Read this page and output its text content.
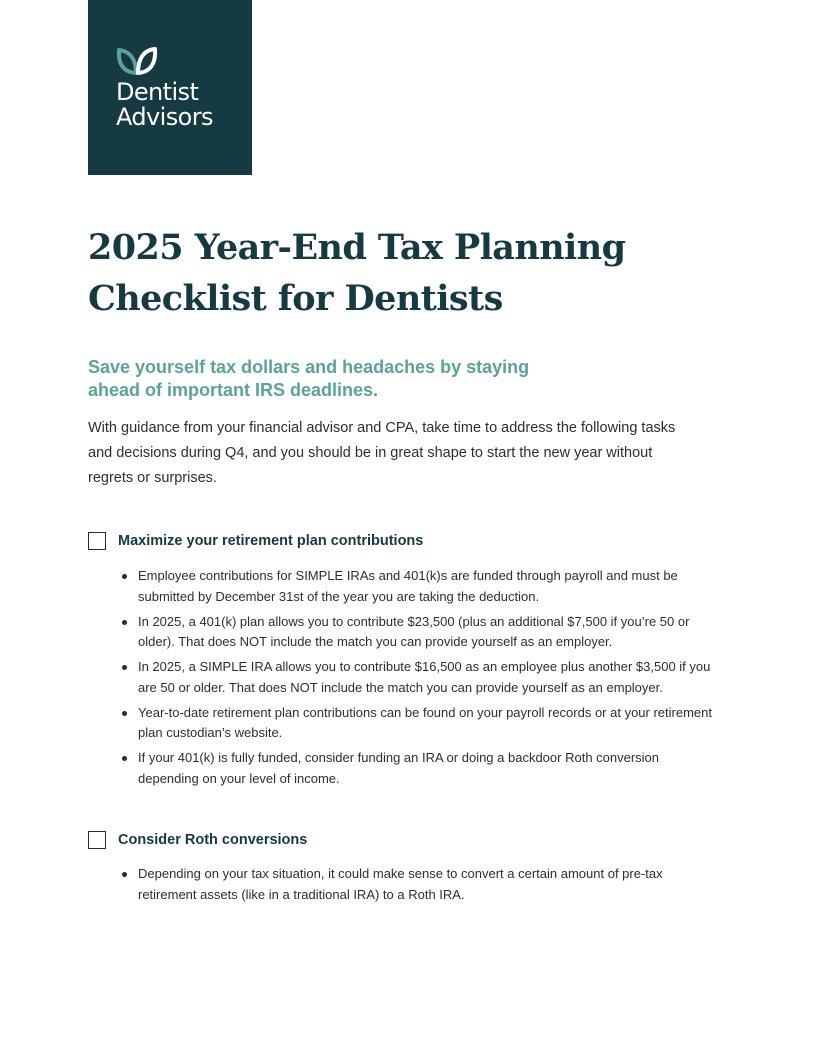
Dentist
Advisors
2025 Year-End Tax Planning Checklist for Dentists

Save yourself tax dollars and headaches by staying ahead of important IRS deadlines.

With guidance from your financial advisor and CPA, take time to address the following tasks and decisions during Q4, and you should be in great shape to start the new year without regrets or surprises.

Maximize your retirement plan contributions
Employee contributions for SIMPLE IRAs and 401(k)s are funded through payroll and must be submitted by December 31st of the year you are taking the deduction.
In 2025, a 401(k) plan allows you to contribute $23,500 (plus an additional $7,500 if you’re 50 or older). That does NOT include the match you can provide yourself as an employer.
In 2025, a SIMPLE IRA allows you to contribute $16,500 as an employee plus another $3,500 if you are 50 or older. That does NOT include the match you can provide yourself as an employer.
Year-to-date retirement plan contributions can be found on your payroll records or at your retirement plan custodian’s website.
If your 401(k) is fully funded, consider funding an IRA or doing a backdoor Roth conversion depending on your level of income.
Consider Roth conversions
Depending on your tax situation, it could make sense to convert a certain amount of pre-tax retirement assets (like in a traditional IRA) to a Roth IRA.
